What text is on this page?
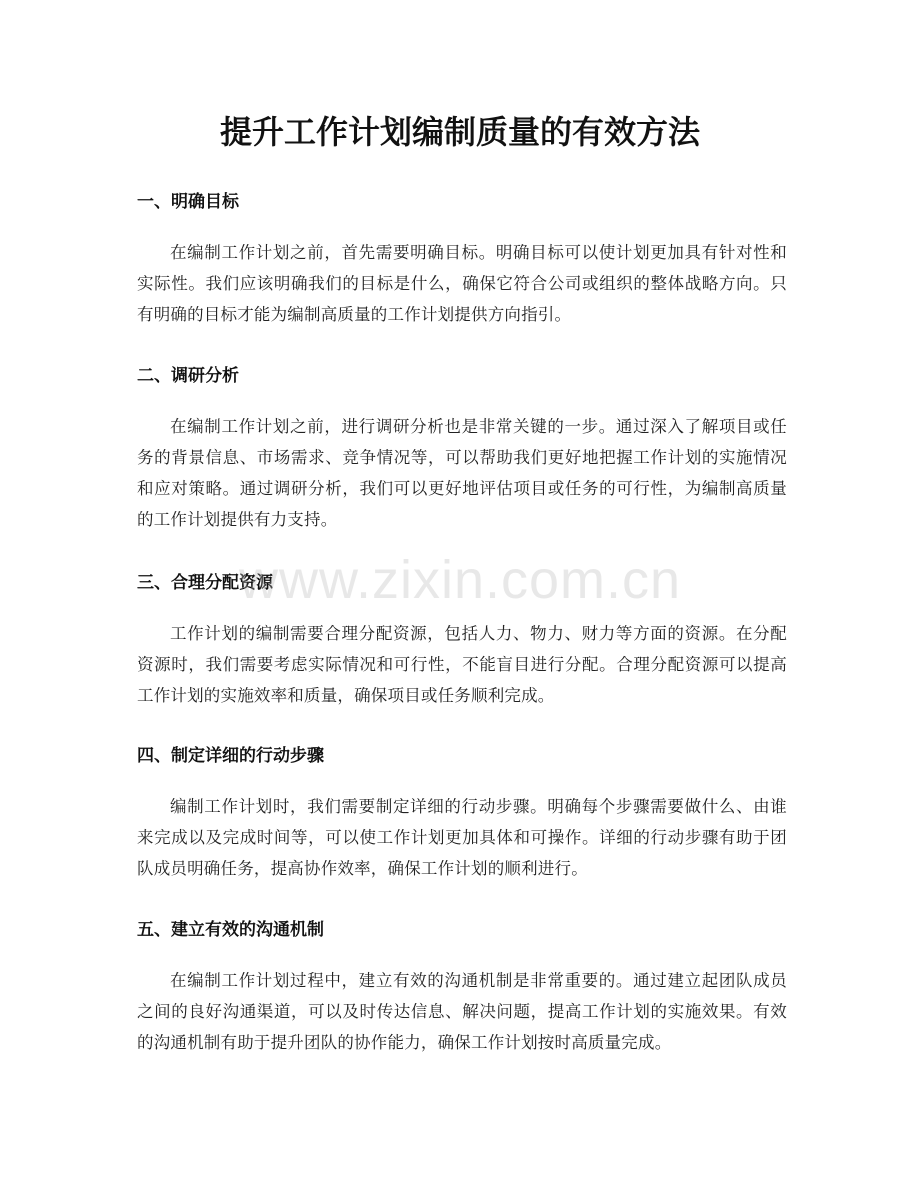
提升工作计划编制质量的有效方法
一、明确目标

在编制工作计划之前，首先需要明确目标。明确目标可以使计划更加具有针对性和实际性。我们应该明确我们的目标是什么，确保它符合公司或组织的整体战略方向。只有明确的目标才能为编制高质量的工作计划提供方向指引。

二、调研分析

在编制工作计划之前，进行调研分析也是非常关键的一步。通过深入了解项目或任务的背景信息、市场需求、竞争情况等，可以帮助我们更好地把握工作计划的实施情况和应对策略。通过调研分析，我们可以更好地评估项目或任务的可行性，为编制高质量的工作计划提供有力支持。

三、合理分配资源

工作计划的编制需要合理分配资源，包括人力、物力、财力等方面的资源。在分配资源时，我们需要考虑实际情况和可行性，不能盲目进行分配。合理分配资源可以提高工作计划的实施效率和质量，确保项目或任务顺利完成。

四、制定详细的行动步骤

编制工作计划时，我们需要制定详细的行动步骤。明确每个步骤需要做什么、由谁来完成以及完成时间等，可以使工作计划更加具体和可操作。详细的行动步骤有助于团队成员明确任务，提高协作效率，确保工作计划的顺利进行。

五、建立有效的沟通机制

在编制工作计划过程中，建立有效的沟通机制是非常重要的。通过建立起团队成员之间的良好沟通渠道，可以及时传达信息、解决问题，提高工作计划的实施效果。有效的沟通机制有助于提升团队的协作能力，确保工作计划按时高质量完成。

www.zixin.com.cn
